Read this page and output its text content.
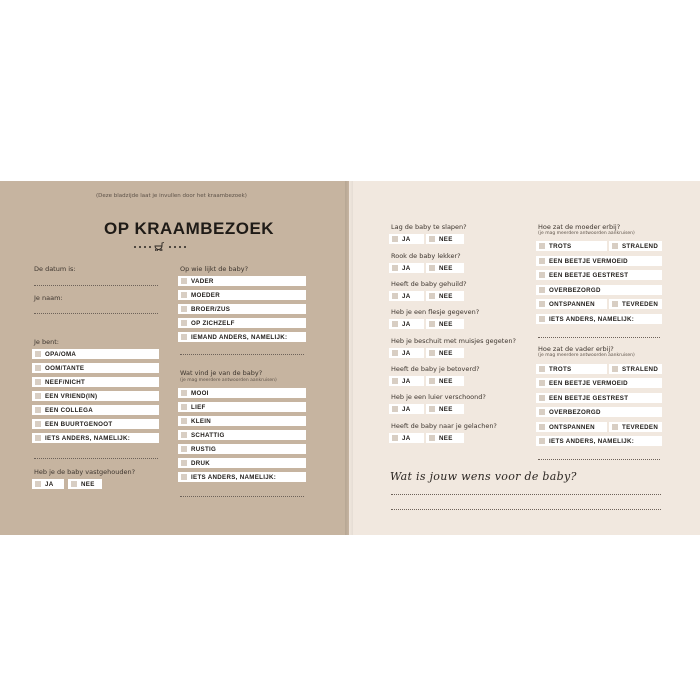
(Deze bladzijde laat je invullen door het kraambezoek)
OP KRAAMBEZOEK
De datum is:
Je naam:
Je bent:
OPA/OMA
OOM/TANTE
NEEF/NICHT
EEN VRIEND(IN)
EEN COLLEGA
EEN BUURTGENOOT
IETS ANDERS, NAMELIJK:
Heb je de baby vastgehouden?
JA	NEE
Op wie lijkt de baby?
VADER
MOEDER
BROER/ZUS
OP ZICHZELF
IEMAND ANDERS, NAMELIJK:
Wat vind je van de baby?
(je mag meerdere antwoorden aankruisen)
MOOI
LIEF
KLEIN
SCHATTIG
RUSTIG
DRUK
IETS ANDERS, NAMELIJK:
Lag de baby te slapen?
JA	NEE
Rook de baby lekker?
JA	NEE
Heeft de baby gehuild?
JA	NEE
Heb je een flesje gegeven?
JA	NEE
Heb je beschuit met muisjes gegeten?
JA	NEE
Heeft de baby je betoverd?
JA	NEE
Heb je een luier verschoond?
JA	NEE
Heeft de baby naar je gelachen?
JA	NEE
Hoe zat de moeder erbij?
(je mag meerdere antwoorden aankruisen)
TROTS	STRALEND
EEN BEETJE VERMOEID
EEN BEETJE GESTREST
OVERBEZORGD
ONTSPANNEN	TEVREDEN
IETS ANDERS, NAMELIJK:
Hoe zat de vader erbij?
(je mag meerdere antwoorden aankruisen)
TROTS	STRALEND
EEN BEETJE VERMOEID
EEN BEETJE GESTREST
OVERBEZORGD
ONTSPANNEN	TEVREDEN
IETS ANDERS, NAMELIJK:
Wat is jouw wens voor de baby?
